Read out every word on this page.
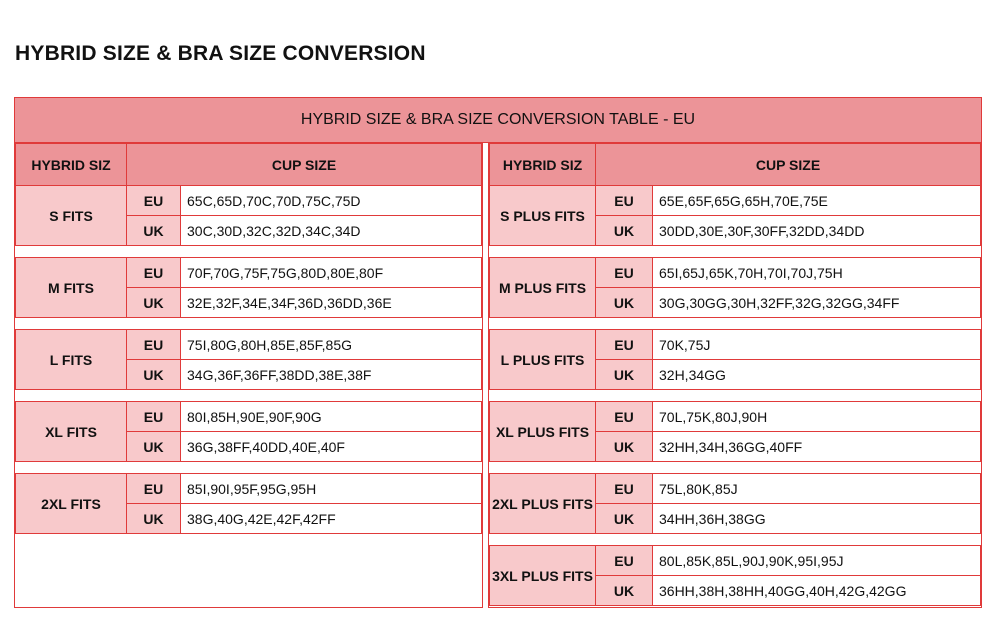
HYBRID SIZE & BRA SIZE CONVERSION
HYBRID SIZE & BRA SIZE CONVERSION TABLE - EU
HYBRID SIZ	CUP SIZE
S FITS
EU	65C,65D,70C,70D,75C,75D
UK	30C,30D,32C,32D,34C,34D
M FITS
EU	70F,70G,75F,75G,80D,80E,80F
UK	32E,32F,34E,34F,36D,36DD,36E
L FITS
EU	75I,80G,80H,85E,85F,85G
UK	34G,36F,36FF,38DD,38E,38F
XL FITS
EU	80I,85H,90E,90F,90G
UK	36G,38FF,40DD,40E,40F
2XL FITS
EU	85I,90I,95F,95G,95H
UK	38G,40G,42E,42F,42FF
HYBRID SIZ	CUP SIZE
S PLUS FITS
EU	65E,65F,65G,65H,70E,75E
UK	30DD,30E,30F,30FF,32DD,34DD
M PLUS FITS
EU	65I,65J,65K,70H,70I,70J,75H
UK	30G,30GG,30H,32FF,32G,32GG,34FF
L PLUS FITS
EU	70K,75J
UK	32H,34GG
XL PLUS FITS
EU	70L,75K,80J,90H
UK	32HH,34H,36GG,40FF
2XL PLUS FITS
EU	75L,80K,85J
UK	34HH,36H,38GG
3XL PLUS FITS
EU	80L,85K,85L,90J,90K,95I,95J
UK	36HH,38H,38HH,40GG,40H,42G,42GG
